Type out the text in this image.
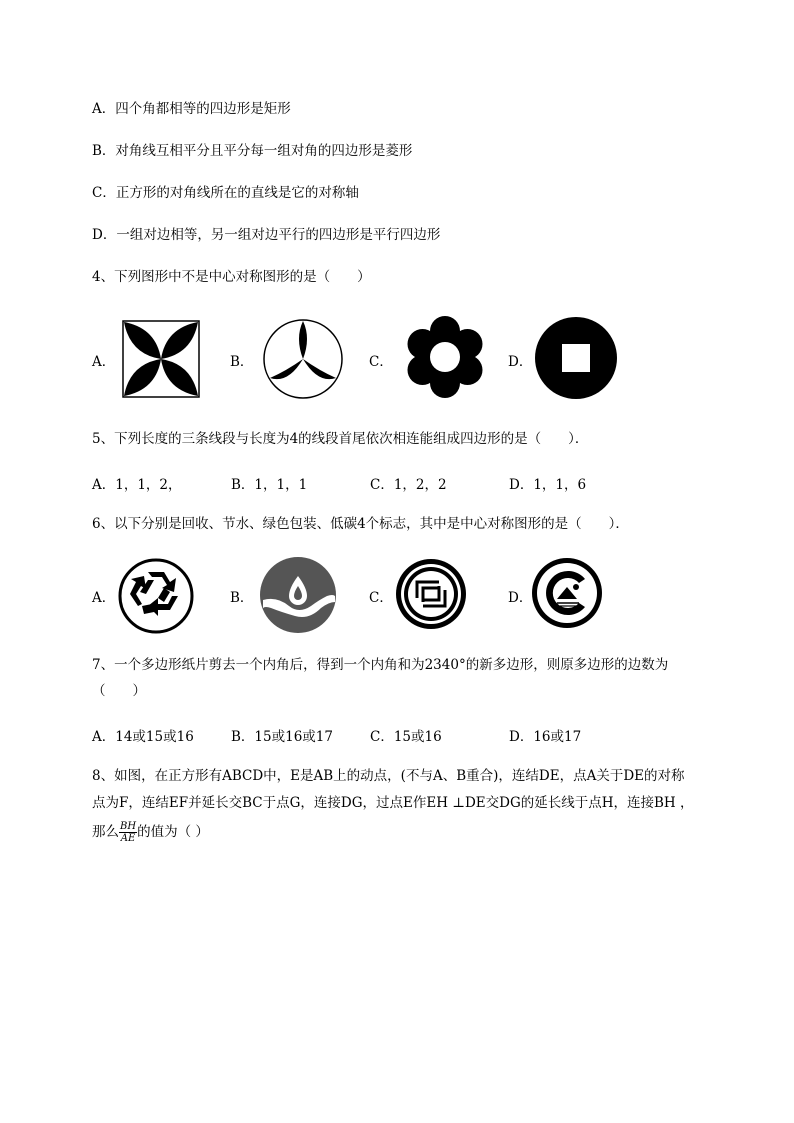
A．四个角都相等的四边形是矩形
B．对角线互相平分且平分每一组对角的四边形是菱形
C．正方形的对角线所在的直线是它的对称轴
D．一组对边相等，另一组对边平行的四边形是平行四边形
4、下列图形中不是中心对称图形的是（　　）
A．	B．	C．	D．
5、下列长度的三条线段与长度为4的线段首尾依次相连能组成四边形的是（　　）．
A．1，1，2，	B．1，1，1	C．1，2，2	D．1，1，6
6、以下分别是回收、节水、绿色包装、低碳4个标志，其中是中心对称图形的是（　　）．
A．	B．	C．	D．
7、一个多边形纸片剪去一个内角后，得到一个内角和为2340°的新多边形，则原多边形的边数为
（　　）
A．14或15或16	B．15或16或17	C．15或16	D．16或17
8、如图，在正方形有ABCD中，E是AB上的动点，(不与A、B重合)，连结DE，点A关于DE的对称
点为F，连结EF并延长交BC于点G，连接DG，过点E作EH ⊥DE交DG的延长线于点H，连接BH ，
那么 $\frac{BH}{AE}$ 的值为（ ）
